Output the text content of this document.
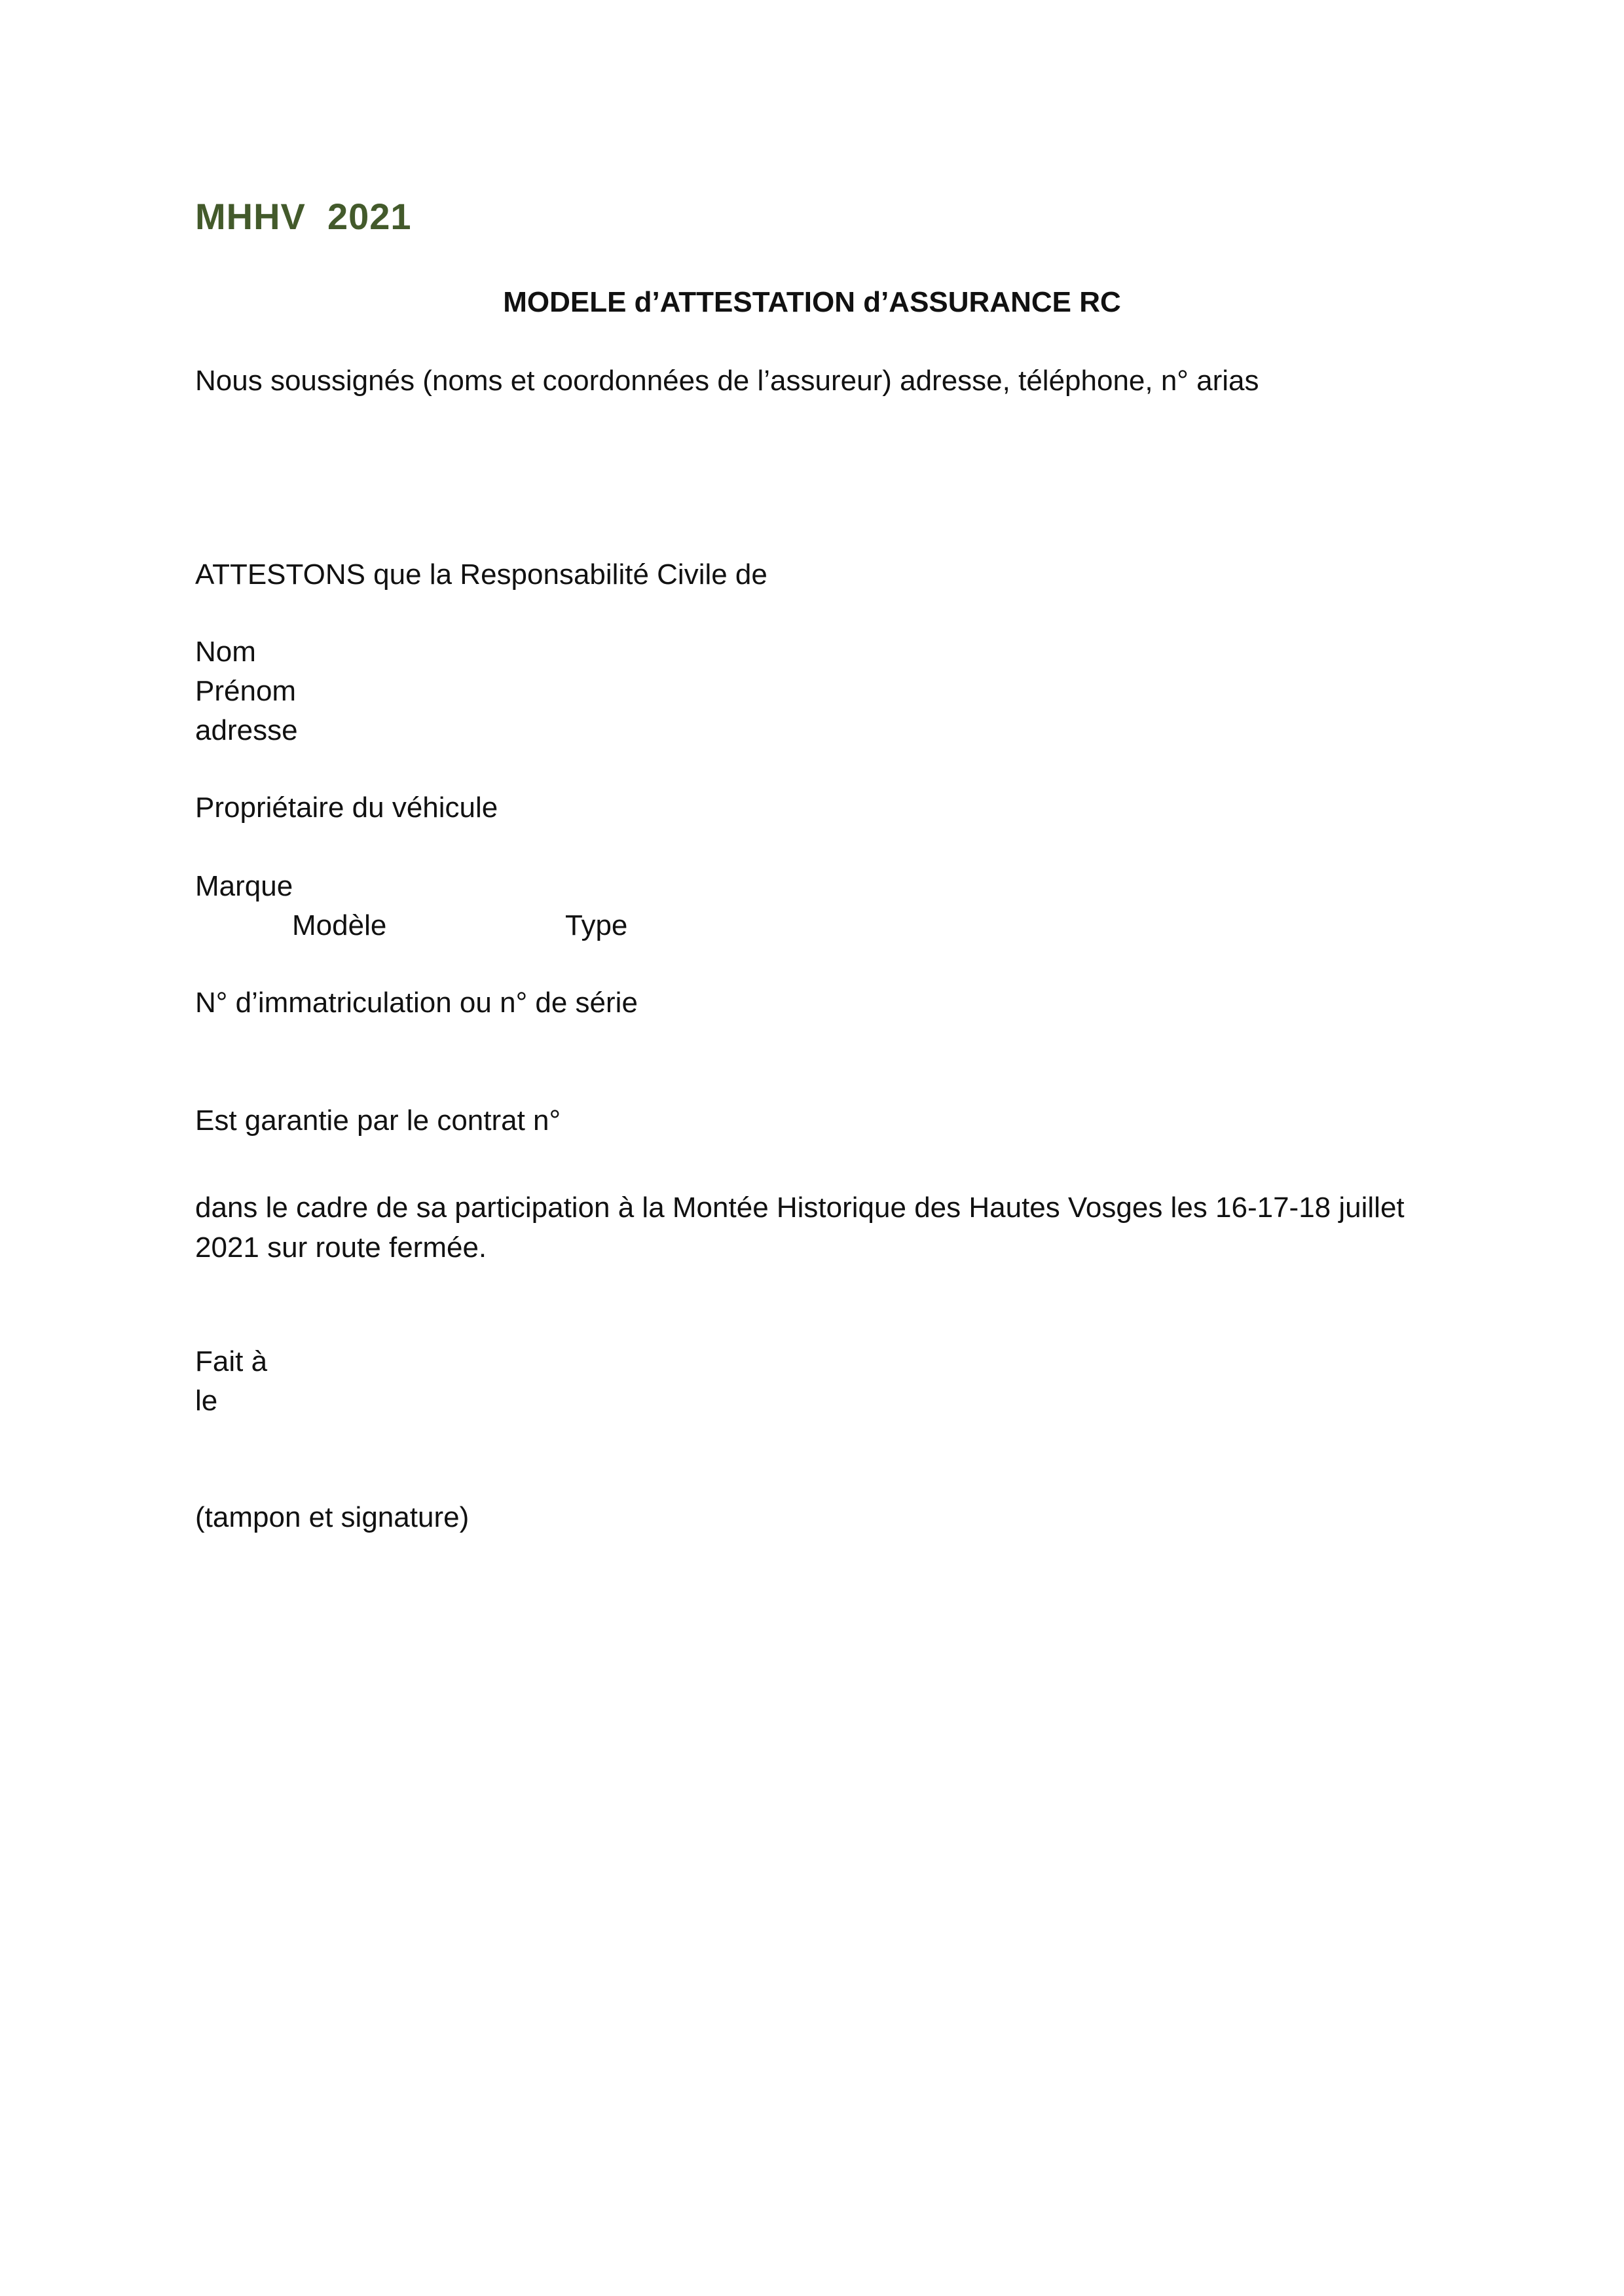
MHHV  2021
MODELE d’ATTESTATION d’ASSURANCE RC
Nous soussignés (noms et coordonnées de l’assureur) adresse, téléphone, n° arias
ATTESTONS que la Responsabilité Civile de
Nom
Prénom
adresse
Propriétaire du véhicule
Marque
Modèle	Type
N° d’immatriculation ou n° de série
Est garantie par le contrat n°
dans le cadre de sa participation à la Montée Historique des Hautes Vosges les 16-17-18 juillet 2021 sur route fermée.
Fait à
le
(tampon et signature)
